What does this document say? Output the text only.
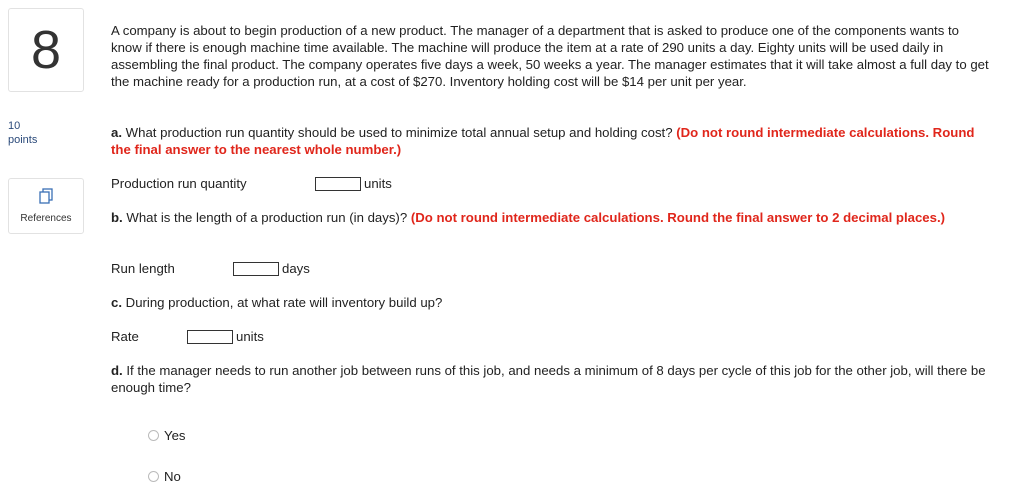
8
10
points
References

A company is about to begin production of a new product. The manager of a department that is asked to produce one of the components wants to know if there is enough machine time available. The machine will produce the item at a rate of 290 units a day. Eighty units will be used daily in assembling the final product. The company operates five days a week, 50 weeks a year. The manager estimates that it will take almost a full day to get the machine ready for a production run, at a cost of $270. Inventory holding cost will be $14 per unit per year.

a. What production run quantity should be used to minimize total annual setup and holding cost? (Do not round intermediate calculations. Round the final answer to the nearest whole number.)
Production run quantity	units
b. What is the length of a production run (in days)? (Do not round intermediate calculations. Round the final answer to 2 decimal places.)
Run length	days
c. During production, at what rate will inventory build up?
Rate	units
d. If the manager needs to run another job between runs of this job, and needs a minimum of 8 days per cycle of this job for the other job, will there be enough time?
Yes
No
